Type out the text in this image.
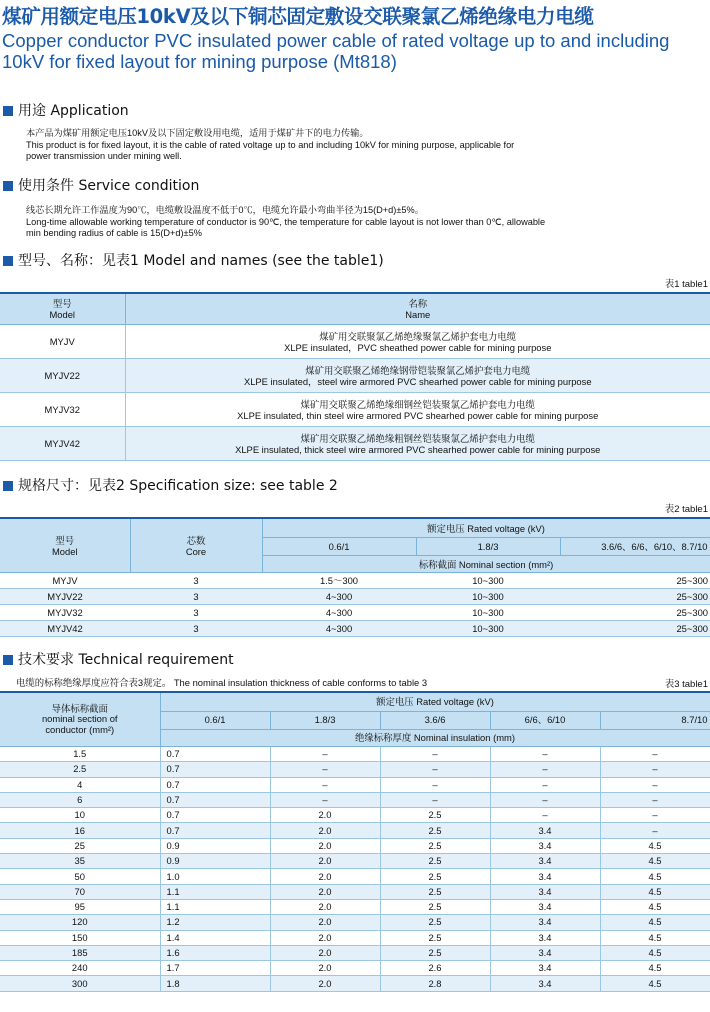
煤矿用额定电压10kV及以下铜芯固定敷设交联聚氯乙烯绝缘电力电缆
Copper conductor PVC insulated power cable of rated voltage up to and including
10kV for fixed layout for mining purpose (Mt818)
用途 Application
本产品为煤矿用额定电压10kV及以下固定敷设用电缆，适用于煤矿井下的电力传输。
This product is for fixed layout, it is the cable of rated voltage up to and including 10kV for mining purpose, applicable for
power transmission under mining well.
使用条件 Service condition
线芯长期允许工作温度为90℃，电缆敷设温度不低于0℃，电缆允许最小弯曲半径为15(D+d)±5%。
Long-time allowable working temperature of conductor is 90℃, the temperature for cable layout is not lower than 0℃, allowable
min bending radius of cable is 15(D+d)±5%
型号、名称：见表1 Model and names (see the table1)
表1 table1
型号
Model	名称
Name
MYJV	煤矿用交联聚氯乙烯绝缘聚氯乙烯护套电力电缆
XLPE insulated，PVC sheathed power cable for mining purpose
MYJV22	煤矿用交联聚乙烯绝缘钢带铠装聚氯乙烯护套电力电缆
XLPE insulated，steel wire armored PVC shearhed power cable for mining purpose
MYJV32	煤矿用交联聚乙烯绝缘细钢丝铠装聚氯乙烯护套电力电缆
XLPE insulated, thin steel wire armored PVC shearhed power cable for mining purpose
MYJV42	煤矿用交联聚乙烯绝缘粗钢丝铠装聚氯乙烯护套电力电缆
XLPE insulated, thick steel wire armored PVC shearhed power cable for mining purpose
规格尺寸：见表2 Specification size: see table 2
表2 table1
型号
Model	芯数
Core	额定电压 Rated voltage (kV)		
		0.6/1	1.8/3	3.6/6、6/6、6/10、8.7/10
		标称截面 Nominal section (mm²)		
MYJV	3	1.5～300	10~300	25~300
MYJV22	3	4~300	10~300	25~300
MYJV32	3	4~300	10~300	25~300
MYJV42	3	4~300	10~300	25~300
技术要求 Technical requirement
电缆的标称绝缘厚度应符合表3规定。 The nominal insulation thickness of cable conforms to table 3	表3 table1
导体标称截面
nominal section of
conductor (mm²)	额定电压 Rated voltage (kV)				
	0.6/1	1.8/3	3.6/6	6/6、6/10	8.7/10
	绝缘标称厚度 Nominal insulation (mm)				
1.5	0.7	–	–	–	–
2.5	0.7	–	–	–	–
4	0.7	–	–	–	–
6	0.7	–	–	–	–
10	0.7	2.0	2.5	–	–
16	0.7	2.0	2.5	3.4	–
25	0.9	2.0	2.5	3.4	4.5
35	0.9	2.0	2.5	3.4	4.5
50	1.0	2.0	2.5	3.4	4.5
70	1.1	2.0	2.5	3.4	4.5
95	1.1	2.0	2.5	3.4	4.5
120	1.2	2.0	2.5	3.4	4.5
150	1.4	2.0	2.5	3.4	4.5
185	1.6	2.0	2.5	3.4	4.5
240	1.7	2.0	2.6	3.4	4.5
300	1.8	2.0	2.8	3.4	4.5
